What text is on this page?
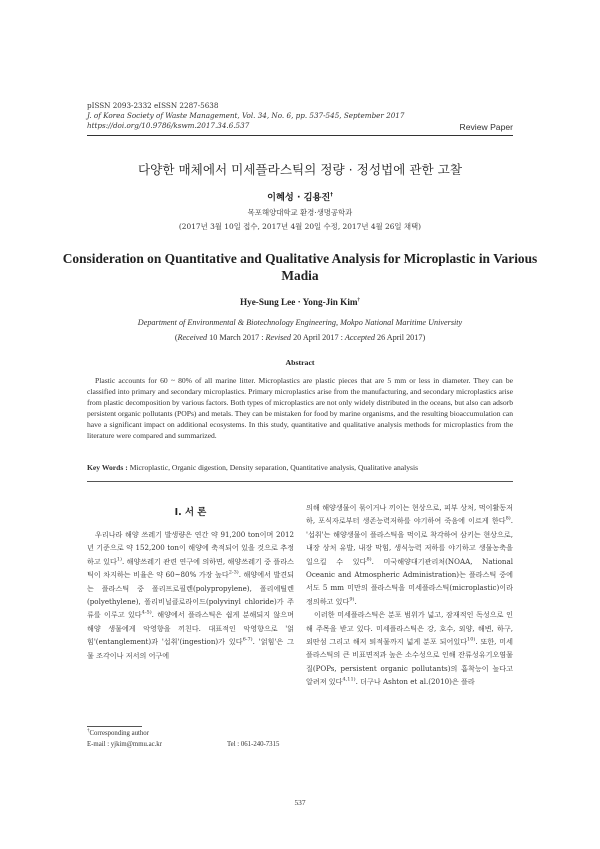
pISSN 2093-2332 eISSN 2287-5638
J. of Korea Society of Waste Management, Vol. 34, No. 6, pp. 537-545, September 2017
https://doi.org/10.9786/kswm.2017.34.6.537	Review Paper
다양한 매체에서 미세플라스틱의 정량 · 정성법에 관한 고찰
이혜성 · 김용진†
목포해양대학교 환경·생명공학과
(2017년 3월 10일 접수, 2017년 4월 20일 수정, 2017년 4월 26일 채택)
Consideration on Quantitative and Qualitative Analysis for Microplastic in Various Madia
Hye-Sung Lee · Yong-Jin Kim†
Department of Environmental & Biotechnology Engineering, Mokpo National Maritime University
(Received 10 March 2017 : Revised 20 April 2017 : Accepted 26 April 2017)
Abstract
Plastic accounts for 60 ~ 80% of all marine litter. Microplastics are plastic pieces that are 5 mm or less in diameter. They can be classified into primary and secondary microplastics. Primary microplastics arise from the manufacturing, and secondary microplastics arise from plastic decomposition by various factors. Both types of microplastics are not only widely distributed in the oceans, but also can adsorb persistent organic pollutants (POPs) and metals. They can be mistaken for food by marine organisms, and the resulting bioaccumulation can have a significant impact on additional ecosystems. In this study, quantitative and qualitative analysis methods for microplastics from the literature were compared and summarized.
Key Words : Microplastic, Organic digestion, Density separation, Quantitative analysis, Qualitative analysis
I. 서 론

우리나라 해양 쓰레기 발생량은 연간 약 91,200 ton이며 2012년 기준으로 약 152,200 ton이 해양에 축적되어 있을 것으로 추정하고 있다$^{1)}$. 해양쓰레기 관련 연구에 의하면, 해양쓰레기 중 플라스틱이 차지하는 비율은 약 60~80% 가장 높다$^{2-3)}$. 해양에서 발견되는 플라스틱 중 폴리프로필렌(polypropylene), 폴리에틸렌(polyethylene), 폴리비닐클로라이드(polyvinyl chloride)가 주류를 이루고 있다$^{4-5)}$. 해양에서 플라스틱은 쉽게 분해되지 않으며 해양 생물에게 악영향을 끼친다. 대표적인 악영향으로 '얽힘'(entanglement)과 '섭취'(ingestion)가 있다$^{6-7)}$. '얽힘'은 그물 조각이나 저서의 어구에

의해 해양생물이 묶이거나 끼이는 현상으로, 피부 상처, 먹이활동저하, 포식자로부터 생존능력저하를 야기하여 죽음에 이르게 한다$^{8)}$. '섭취'는 해양생물이 플라스틱을 먹이로 착각하여 삼키는 현상으로, 내장 상처 유발, 내장 막힘, 생식능력 저하를 야기하고 생물농축을 일으킬 수 있다$^{8)}$. 미국해양대기관리처(NOAA, National Oceanic and Atmospheric Administration)는 플라스틱 중에서도 5 mm 미만의 플라스틱을 미세플라스틱(microplastic)이라 정의하고 있다$^{9)}$.

이러한 미세플라스틱은 분포 범위가 넓고, 잠재적인 독성으로 인해 주목을 받고 있다. 미세플라스틱은 강, 호수, 외양, 해변, 하구, 외딴섬 그리고 해저 퇴적물까지 넓게 분포 되어있다$^{10)}$. 또한, 미세플라스틱의 큰 비표면적과 높은 소수성으로 인해 잔류성유기오염물질(POPs, persistent organic pollutants)의 흡착능이 높다고 알려져 있다$^{4,11)}$. 더구나 Ashton et al.(2010)은 플라

†Corresponding author
E-mail : yjkim@mmu.ac.kr	Tel : 061-240-7315
537
